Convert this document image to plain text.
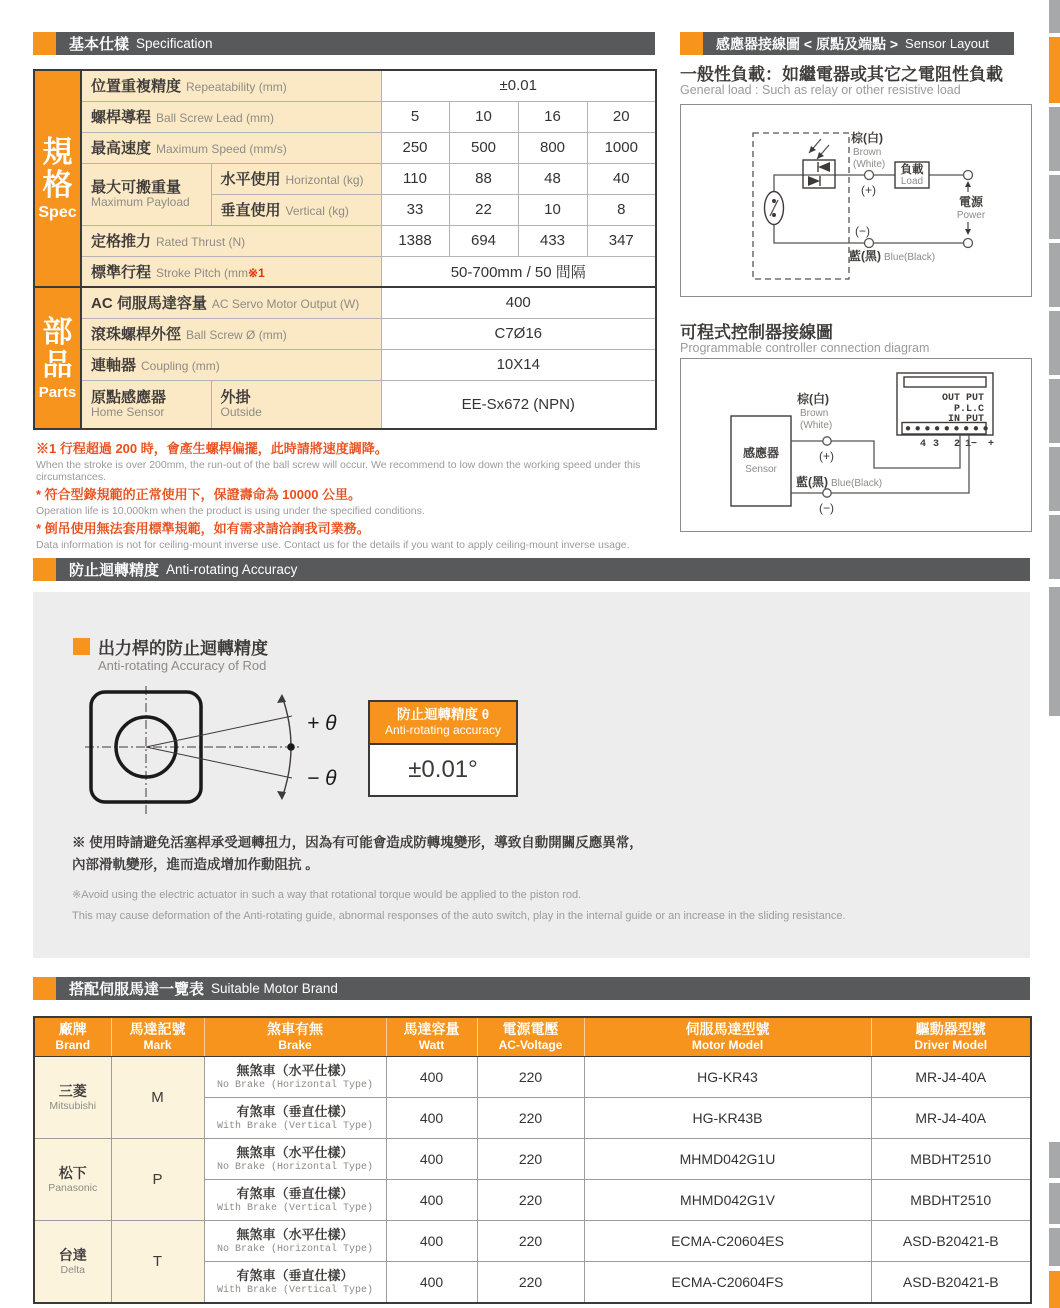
基本仕樣 Specification
規格
Spec	位置重複精度 Repeatability (mm)		±0.01			
	螺桿導程 Ball Screw Lead (mm)		5	10	16	20
	最高速度 Maximum Speed (mm/s)		250	500	800	1000

	最大可搬重量
Maximum Payload	水平使用 Horizontal (kg)	110	88	48	40
		垂直使用 Vertical (kg)	33	22	10	8
	定格推力 Rated Thrust (N)		1388	694	433	347
	標準行程 Stroke Pitch (mm※1		50-700mm / 50 間隔			

部品
Parts	AC 伺服馬達容量 AC Servo Motor Output (W)		400			
	滾珠螺桿外徑 Ball Screw Ø (mm)		C7Ø16			
	連軸器 Coupling (mm)		10X14			

	原點感應器
Home Sensor	外掛
Outside	EE-Sx672 (NPN)			
※1 行程超過 200 時，會產生螺桿偏擺，此時請將速度調降。
When the stroke is over 200mm, the run-out of the ball screw will occur. We recommend to low down the working speed under this circumstances.
* 符合型錄規範的正常使用下，保證壽命為 10000 公里。
Operation life is 10,000km when the product is using under the specified conditions.
* 倒吊使用無法套用標準規範，如有需求請洽詢我司業務。
Data information is not for ceiling-mount inverse use. Contact us for the details if you want to apply ceiling-mount inverse usage.
感應器接線圖 < 原點及端點 > Sensor Layout
一般性負載：如繼電器或其它之電阻性負載
General load : Such as relay or other resistive load
棕(白)
Brown
(White)
(+)
負載
Load
電源
Power
(−)
藍(黑) Blue(Black)
可程式控制器接線圖
Programmable controller connection diagram
感應器
Sensor
OUT PUT
P.L.C
IN PUT
4 3 2 1− +
棕(白)
Brown
(White)
(+)
藍(黑) Blue(Black)
(−)
防止迴轉精度 Anti-rotating Accuracy
出力桿的防止迴轉精度
Anti-rotating Accuracy of Rod
+ θ
− θ
防止迴轉精度 θ
Anti-rotating accuracy
±0.01°
※ 使用時請避免活塞桿承受迴轉扭力，因為有可能會造成防轉塊變形，導致自動開關反應異常，
內部滑軌變形，進而造成增加作動阻抗 。
※Avoid using the electric actuator in such a way that rotational torque would be applied to the piston rod.
This may cause deformation of the Anti-rotating guide, abnormal responses of the auto switch, play in the internal guide or an increase in the sliding resistance.
搭配伺服馬達一覽表 Suitable Motor Brand
廠牌
Brand	馬達記號
Mark	煞車有無
Brake	馬達容量
Watt	電源電壓
AC-Voltage	伺服馬達型號
Motor Model	驅動器型號
Driver Model

三菱
Mitsubishi	M	無煞車（水平仕樣）
No Brake (Horizontal Type)	400	220	HG-KR43	MR-J4-40A

		有煞車（垂直仕樣）
With Brake (Vertical Type)	400	220	HG-KR43B	MR-J4-40A

松下
Panasonic	P	無煞車（水平仕樣）
No Brake (Horizontal Type)	400	220	MHMD042G1U	MBDHT2510

		有煞車（垂直仕樣）
With Brake (Vertical Type)	400	220	MHMD042G1V	MBDHT2510

台達
Delta	T	無煞車（水平仕樣）
No Brake (Horizontal Type)	400	220	ECMA-C20604ES	ASD-B20421-B

		有煞車（垂直仕樣）
With Brake (Vertical Type)	400	220	ECMA-C20604FS	ASD-B20421-B
